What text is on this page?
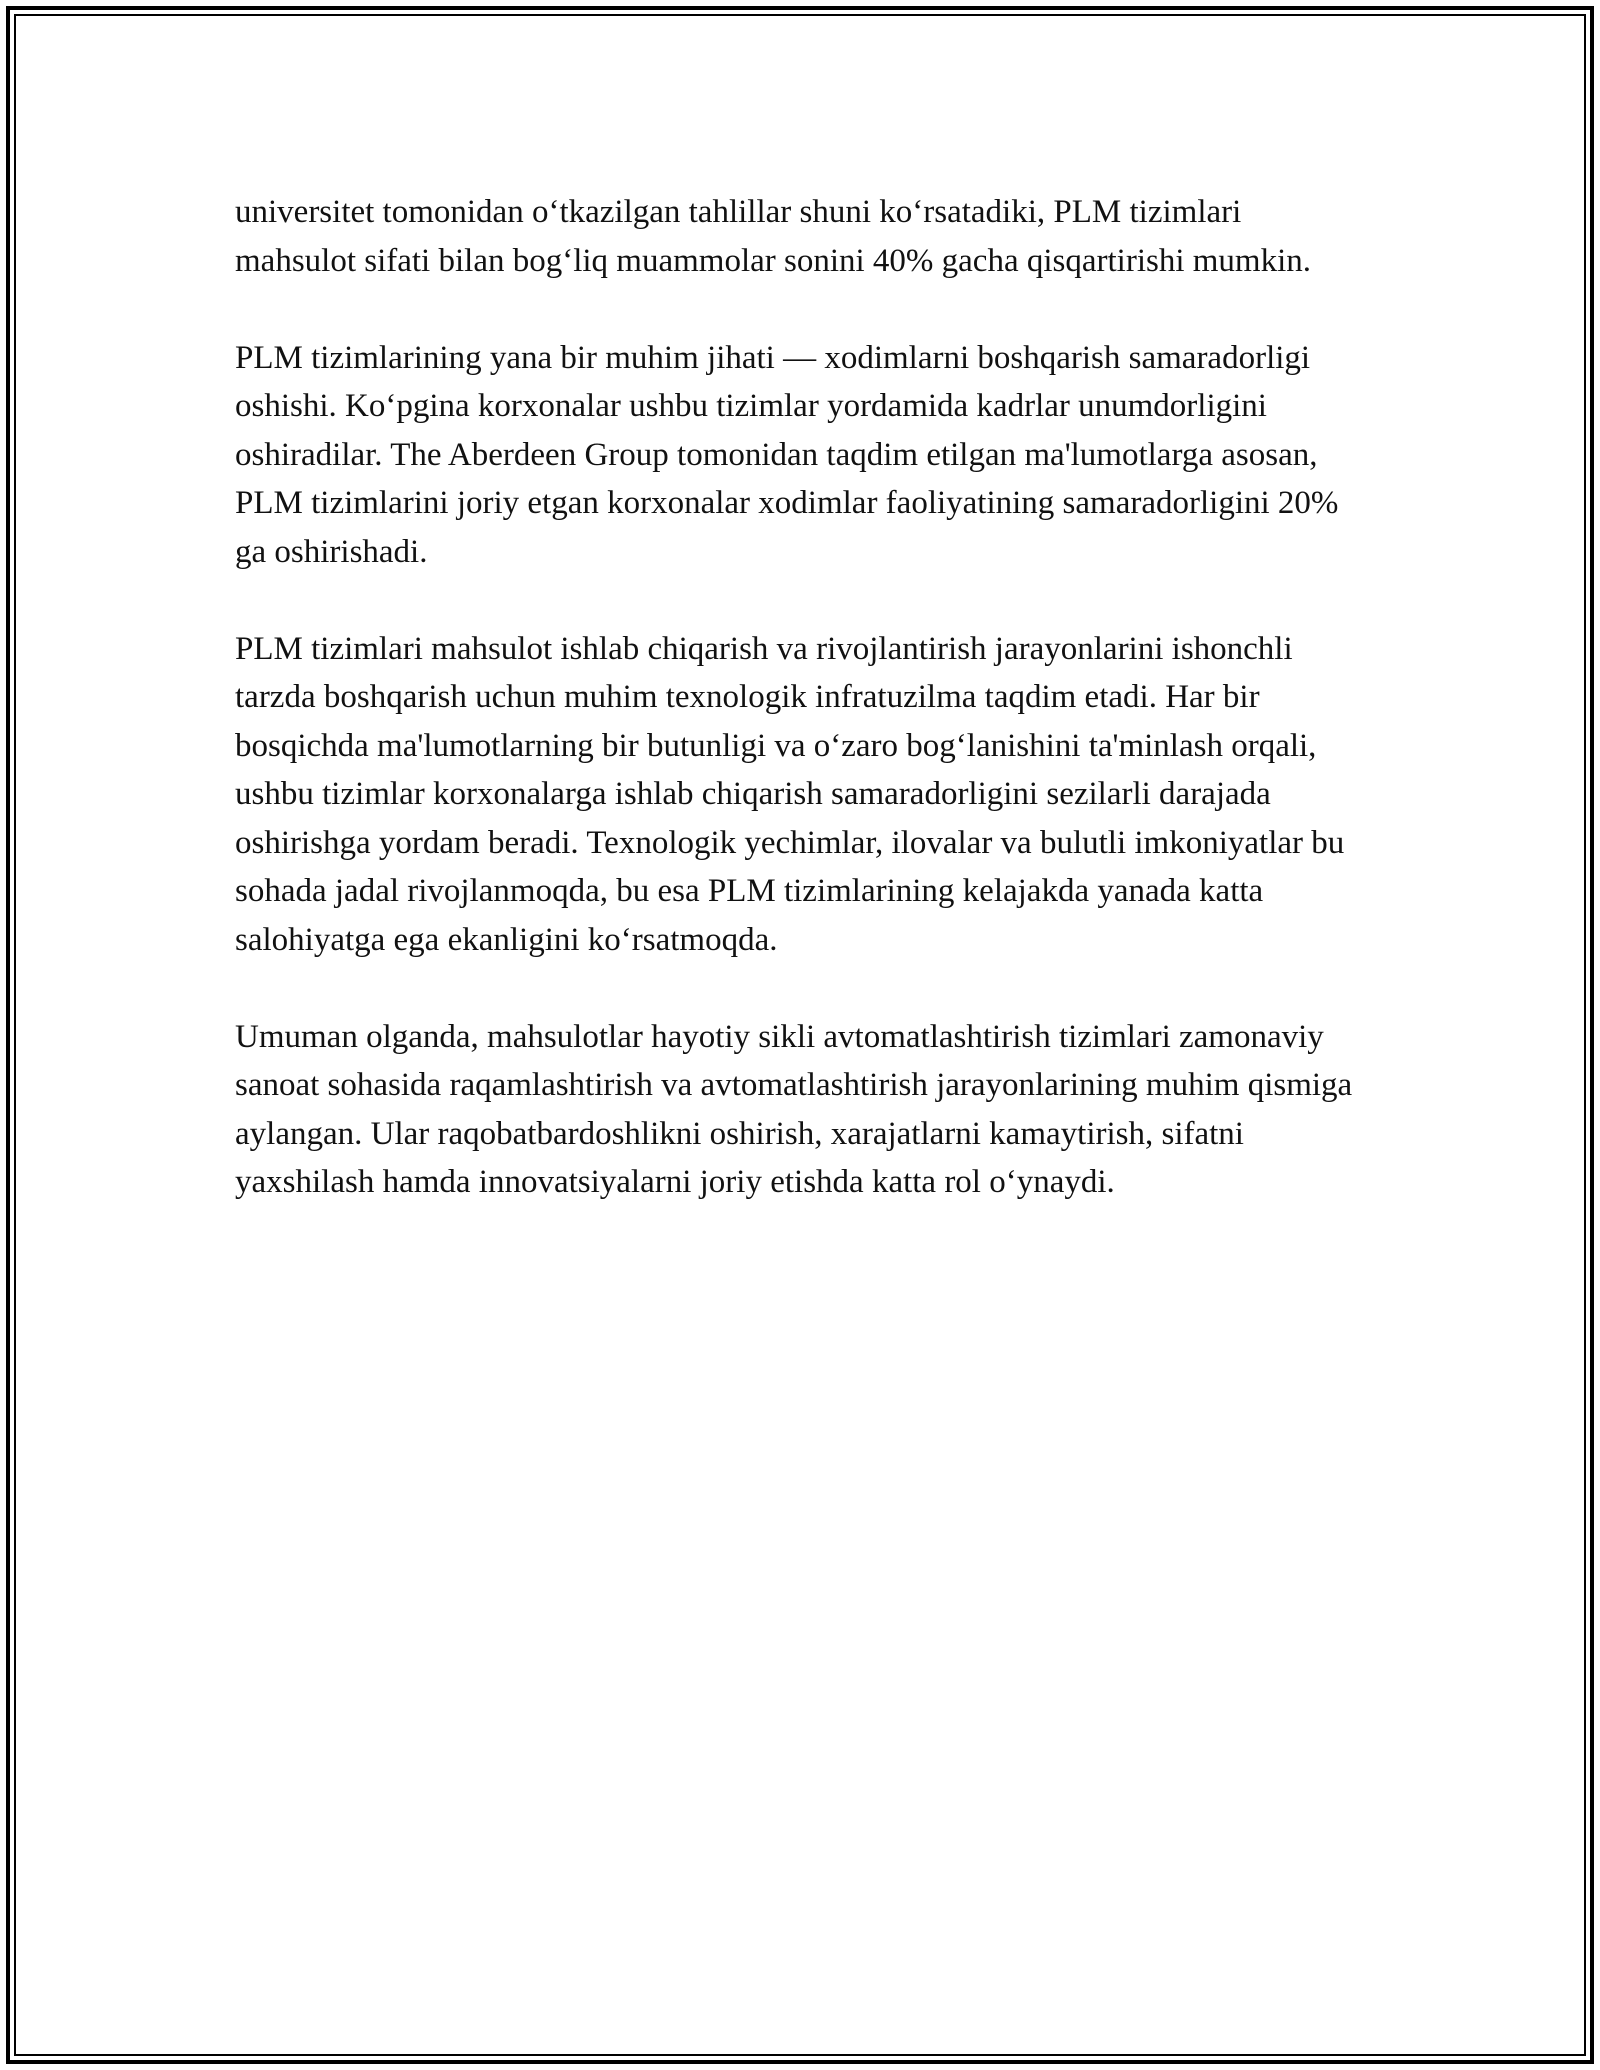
universitet tomonidan o‘tkazilgan tahlillar shuni ko‘rsatadiki, PLM tizimlari mahsulot sifati bilan bog‘liq muammolar sonini 40% gacha qisqartirishi mumkin.

PLM tizimlarining yana bir muhim jihati — xodimlarni boshqarish samaradorligi oshishi. Ko‘pgina korxonalar ushbu tizimlar yordamida kadrlar unumdorligini oshiradilar. The Aberdeen Group tomonidan taqdim etilgan ma'lumotlarga asosan, PLM tizimlarini joriy etgan korxonalar xodimlar faoliyatining samaradorligini 20% ga oshirishadi.

PLM tizimlari mahsulot ishlab chiqarish va rivojlantirish jarayonlarini ishonchli tarzda boshqarish uchun muhim texnologik infratuzilma taqdim etadi. Har bir bosqichda ma'lumotlarning bir butunligi va o‘zaro bog‘lanishini ta'minlash orqali, ushbu tizimlar korxonalarga ishlab chiqarish samaradorligini sezilarli darajada oshirishga yordam beradi. Texnologik yechimlar, ilovalar va bulutli imkoniyatlar bu sohada jadal rivojlanmoqda, bu esa PLM tizimlarining kelajakda yanada katta salohiyatga ega ekanligini ko‘rsatmoqda.

Umuman olganda, mahsulotlar hayotiy sikli avtomatlashtirish tizimlari zamonaviy sanoat sohasida raqamlashtirish va avtomatlashtirish jarayonlarining muhim qismiga aylangan. Ular raqobatbardoshlikni oshirish, xarajatlarni kamaytirish, sifatni yaxshilash hamda innovatsiyalarni joriy etishda katta rol o‘ynaydi.
